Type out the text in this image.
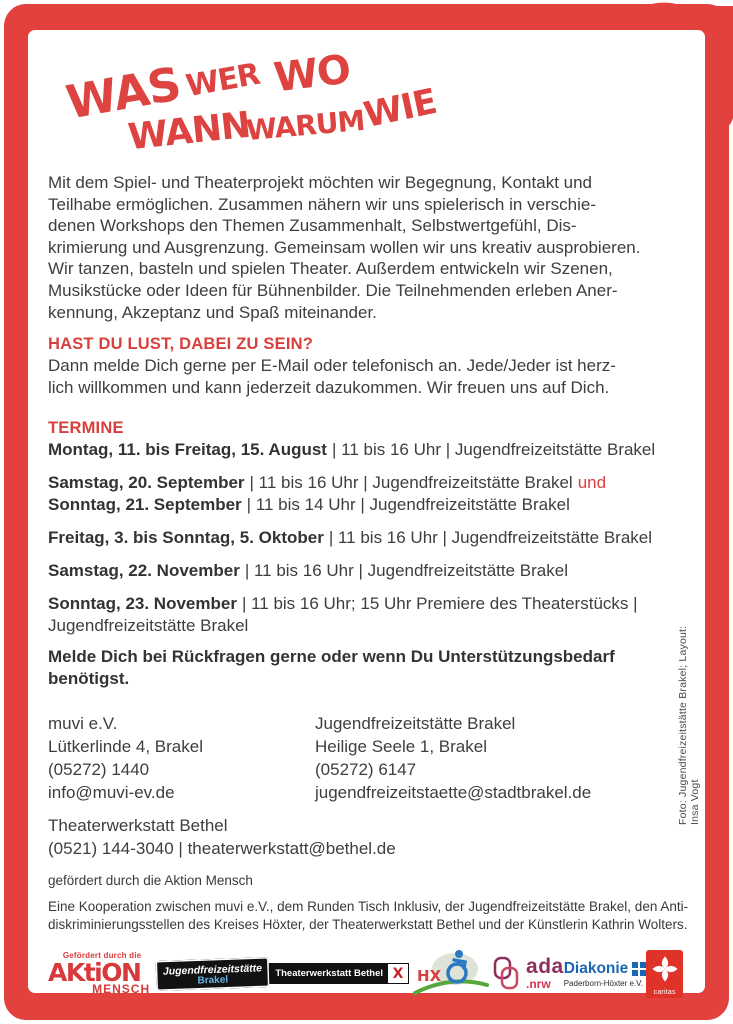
WAS WER WO
WANN
WARUM
WIE
Mit dem Spiel- und Theaterprojekt möchten wir Begegnung, Kontakt und
Teilhabe ermöglichen. Zusammen nähern wir uns spielerisch in verschie-
denen Workshops den Themen Zusammenhalt, Selbstwertgefühl, Dis-
krimierung und Ausgrenzung. Gemeinsam wollen wir uns kreativ ausprobieren.
Wir tanzen, basteln und spielen Theater. Außerdem entwickeln wir Szenen,
Musikstücke oder Ideen für Bühnenbilder. Die Teilnehmenden erleben Aner-
kennung, Akzeptanz und Spaß miteinander.
HAST DU LUST, DABEI ZU SEIN?
Dann melde Dich gerne per E-Mail oder telefonisch an. Jede/Jeder ist herz-
lich willkommen und kann jederzeit dazukommen. Wir freuen uns auf Dich.
TERMINE
Montag, 11. bis Freitag, 15. August | 11 bis 16 Uhr | Jugendfreizeitstätte Brakel
Samstag, 20. September | 11 bis 16 Uhr | Jugendfreizeitstätte Brakel und
Sonntag, 21. September | 11 bis 14 Uhr | Jugendfreizeitstätte Brakel
Freitag, 3. bis Sonntag, 5. Oktober | 11 bis 16 Uhr | Jugendfreizeitstätte Brakel
Samstag, 22. November | 11 bis 16 Uhr | Jugendfreizeitstätte Brakel
Sonntag, 23. November | 11 bis 16 Uhr; 15 Uhr Premiere des Theaterstücks | Jugendfreizeitstätte Brakel
Melde Dich bei Rückfragen gerne oder wenn Du Unterstützungsbedarf
benötigst.
muvi e.V.
Lütkerlinde 4, Brakel
(05272) 1440
info@muvi-ev.de
Jugendfreizeitstätte Brakel
Heilige Seele 1, Brakel
(05272) 6147
jugendfreizeitstaette@stadtbrakel.de
Theaterwerkstatt Bethel
(0521) 144-3040 | theaterwerkstatt@bethel.de
gefördert durch die Aktion Mensch
Eine Kooperation zwischen muvi e.V., dem Runden Tisch Inklusiv, der Jugendfreizeitstätte Brakel, den Anti-
diskriminierungsstellen des Kreises Höxter, der Theaterwerkstatt Bethel und der Künstlerin Kathrin Wolters.
Gefördert durch die
AKtiON
MENSCH
Jugendfreizeitstätte
Brakel
Theaterwerkstatt Bethel X HX	ada
.nrw
Diakonie
Paderborn-Höxter e.V.
caritas
Foto: Jugendfreizeitstätte Brakel; Layout: Insa Vogt
